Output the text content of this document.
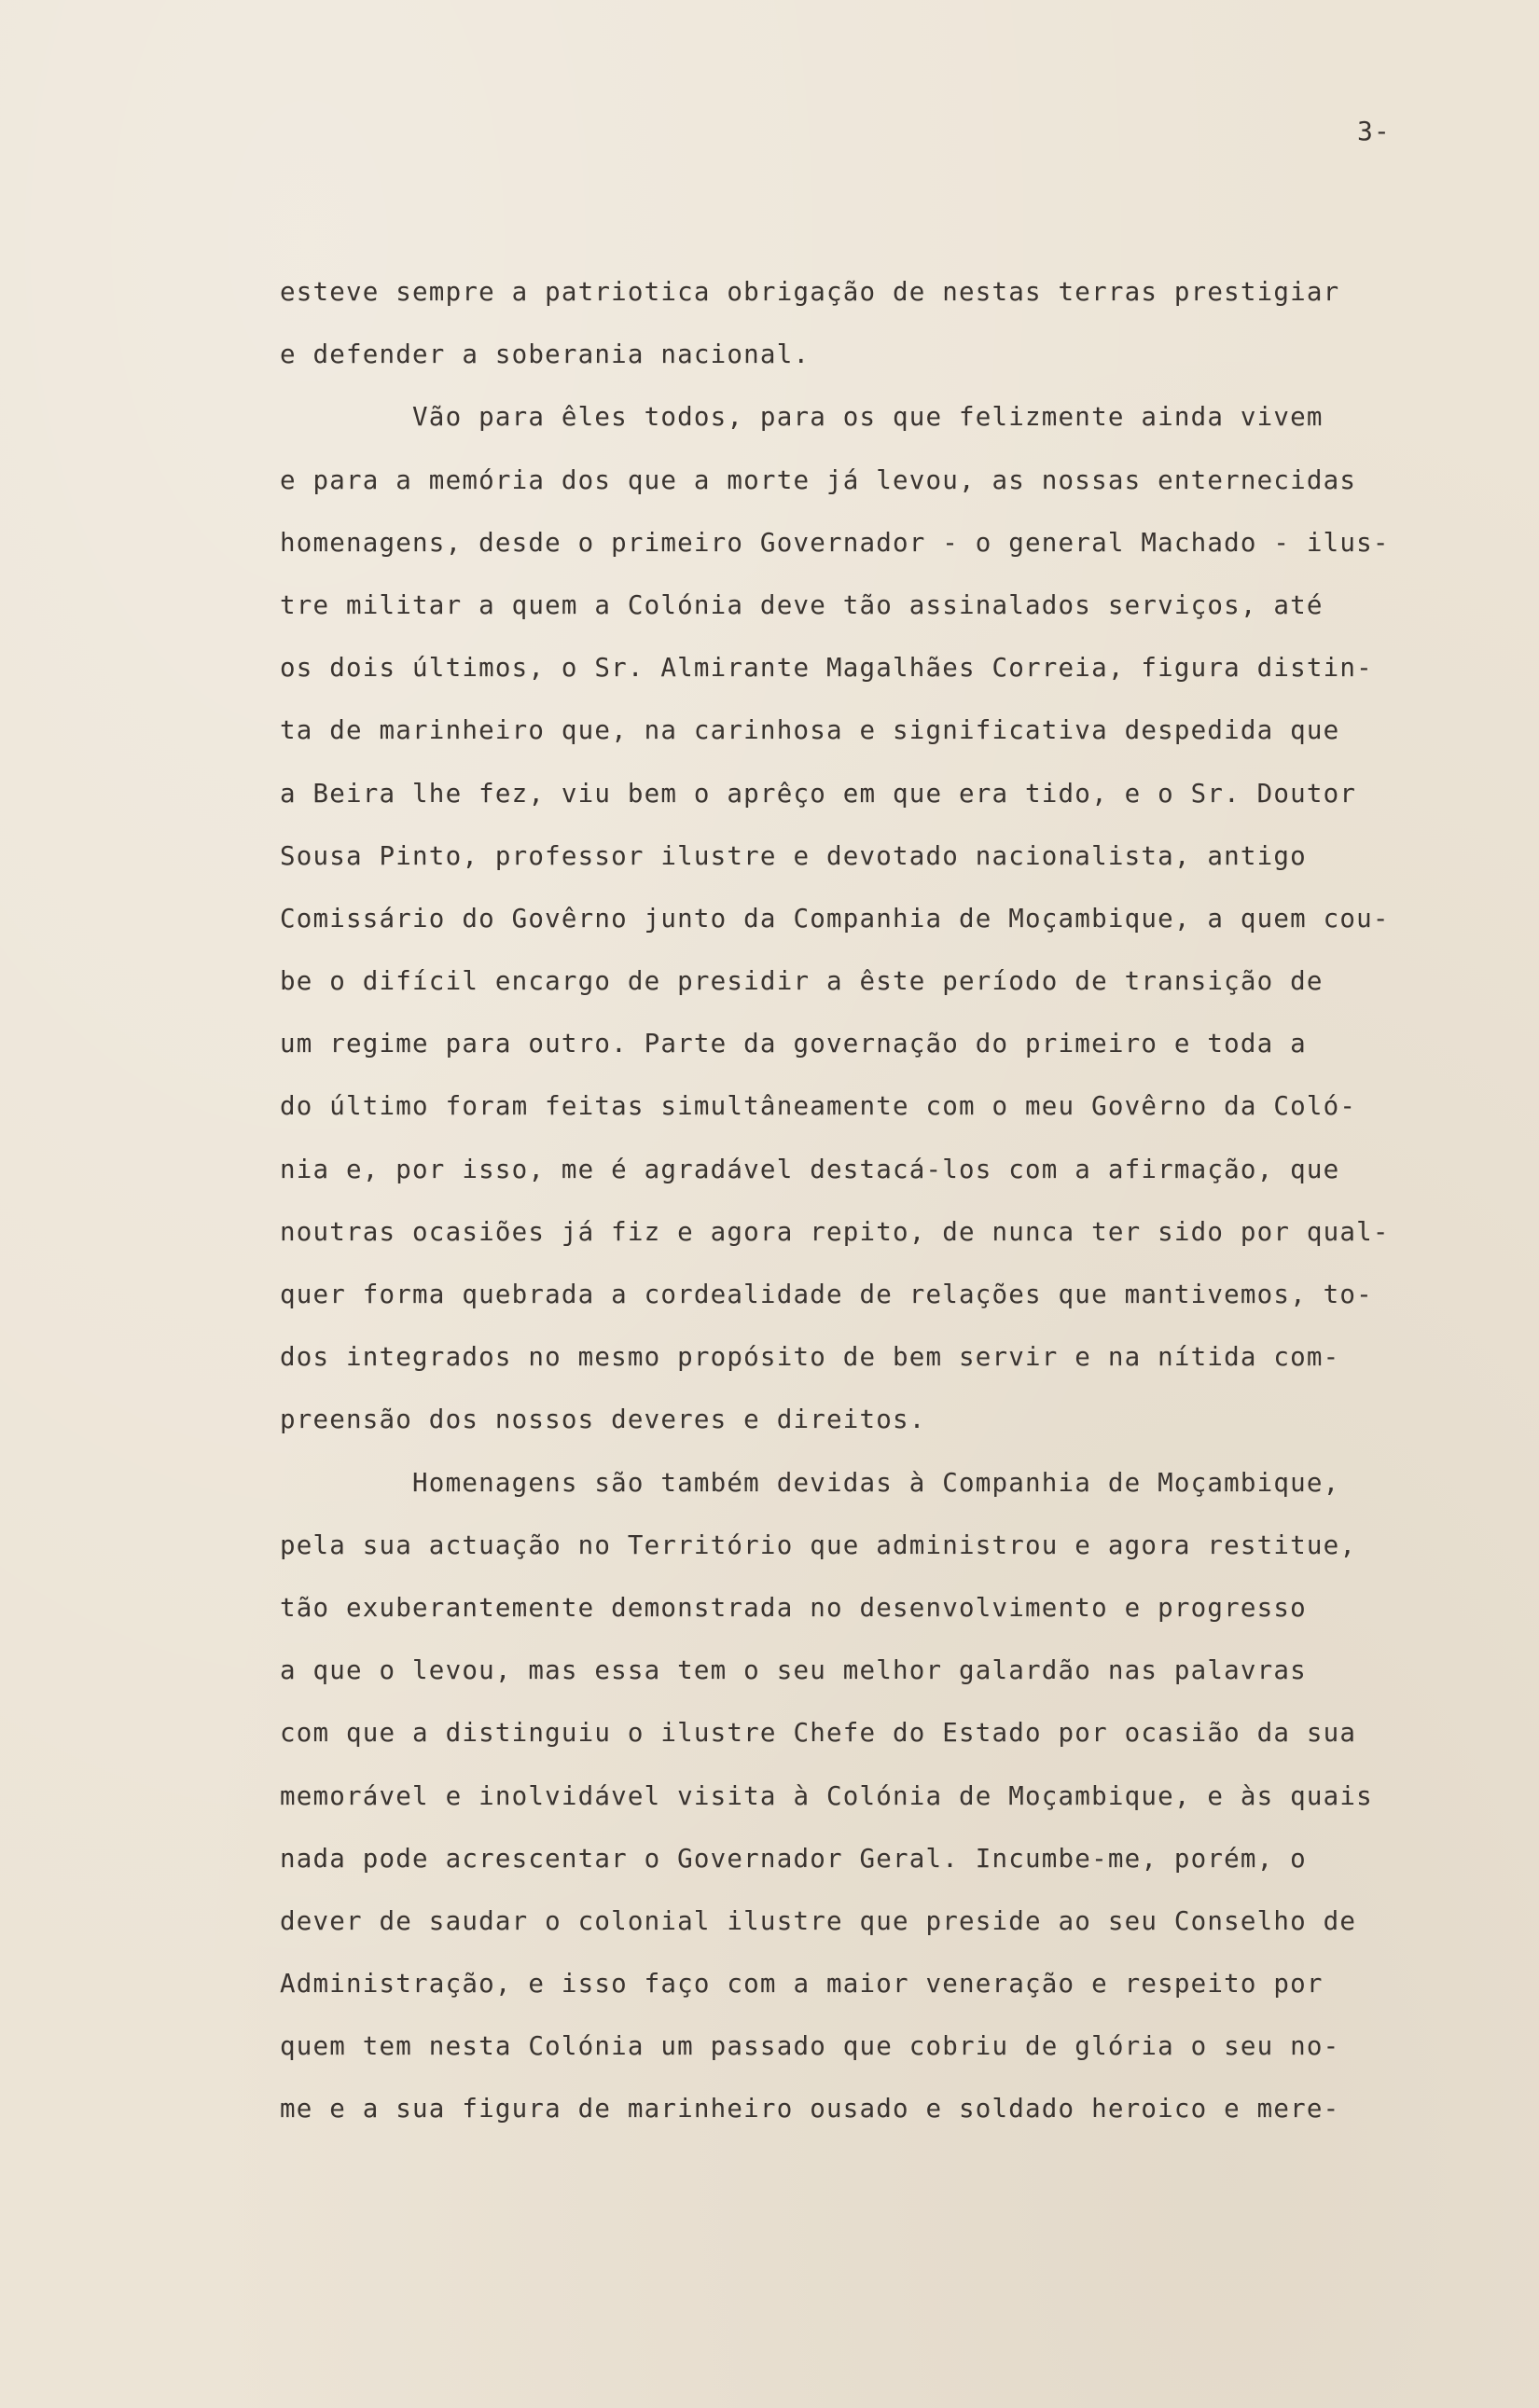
3-
esteve sempre a patriotica obrigação de nestas terras prestigiar
e defender a soberania nacional.
Vão para êles todos, para os que felizmente ainda vivem
e para a memória dos que a morte já levou, as nossas enternecidas
homenagens, desde o primeiro Governador - o general Machado - ilus-
tre militar a quem a Colónia deve tão assinalados serviços, até
os dois últimos, o Sr. Almirante Magalhães Correia, figura distin-
ta de marinheiro que, na carinhosa e significativa despedida que
a Beira lhe fez, viu bem o aprêço em que era tido, e o Sr. Doutor
Sousa Pinto, professor ilustre e devotado nacionalista, antigo
Comissário do Govêrno junto da Companhia de Moçambique, a quem cou-
be o difícil encargo de presidir a êste período de transição de
um regime para outro. Parte da governação do primeiro e toda a
do último foram feitas simultâneamente com o meu Govêrno da Coló-
nia e, por isso, me é agradável destacá-los com a afirmação, que
noutras ocasiões já fiz e agora repito, de nunca ter sido por qual-
quer forma quebrada a cordealidade de relações que mantivemos, to-
dos integrados no mesmo propósito de bem servir e na nítida com-
preensão dos nossos deveres e direitos.
Homenagens são também devidas à Companhia de Moçambique,
pela sua actuação no Território que administrou e agora restitue,
tão exuberantemente demonstrada no desenvolvimento e progresso
a que o levou, mas essa tem o seu melhor galardão nas palavras
com que a distinguiu o ilustre Chefe do Estado por ocasião da sua
memorável e inolvidável visita à Colónia de Moçambique, e às quais
nada pode acrescentar o Governador Geral. Incumbe-me, porém, o
dever de saudar o colonial ilustre que preside ao seu Conselho de
Administração, e isso faço com a maior veneração e respeito por
quem tem nesta Colónia um passado que cobriu de glória o seu no-
me e a sua figura de marinheiro ousado e soldado heroico e mere-
